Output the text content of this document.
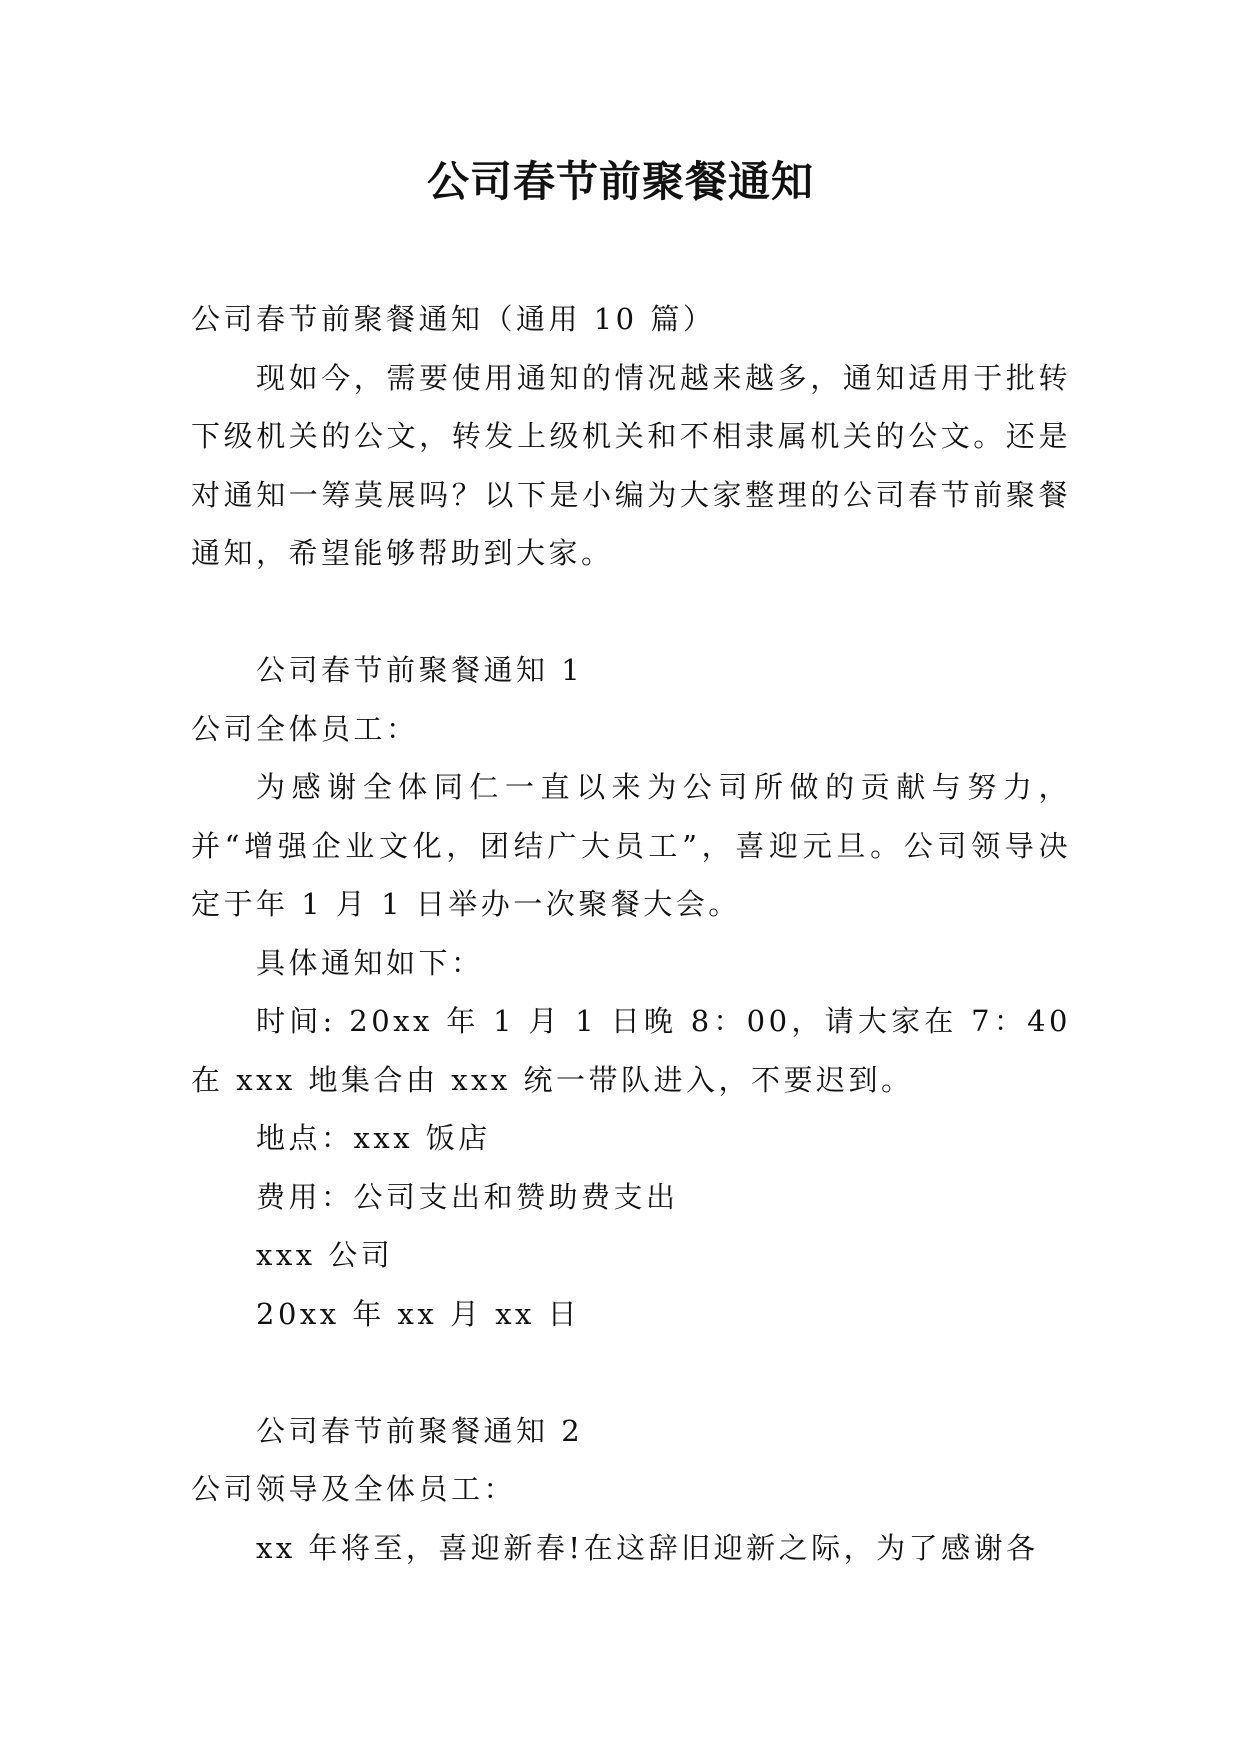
公司春节前聚餐通知

公司春节前聚餐通知（通用 10 篇）

现如今，需要使用通知的情况越来越多，通知适用于批转下级机关的公文，转发上级机关和不相隶属机关的公文。还是对通知一筹莫展吗？以下是小编为大家整理的公司春节前聚餐通知，希望能够帮助到大家。

公司春节前聚餐通知 1

公司全体员工：

为感谢全体同仁一直以来为公司所做的贡献与努力，并“增强企业文化，团结广大员工”，喜迎元旦。公司领导决定于年 1 月 1 日举办一次聚餐大会。

具体通知如下：

时间: 20xx 年 1 月 1 日晚 8：00，请大家在 7：40 在 xxx 地集合由 xxx 统一带队进入，不要迟到。

地点：xxx 饭店

费用：公司支出和赞助费支出

xxx 公司

20xx 年 xx 月 xx 日

公司春节前聚餐通知 2

公司领导及全体员工：

xx 年将至，喜迎新春!在这辞旧迎新之际，为了感谢各
